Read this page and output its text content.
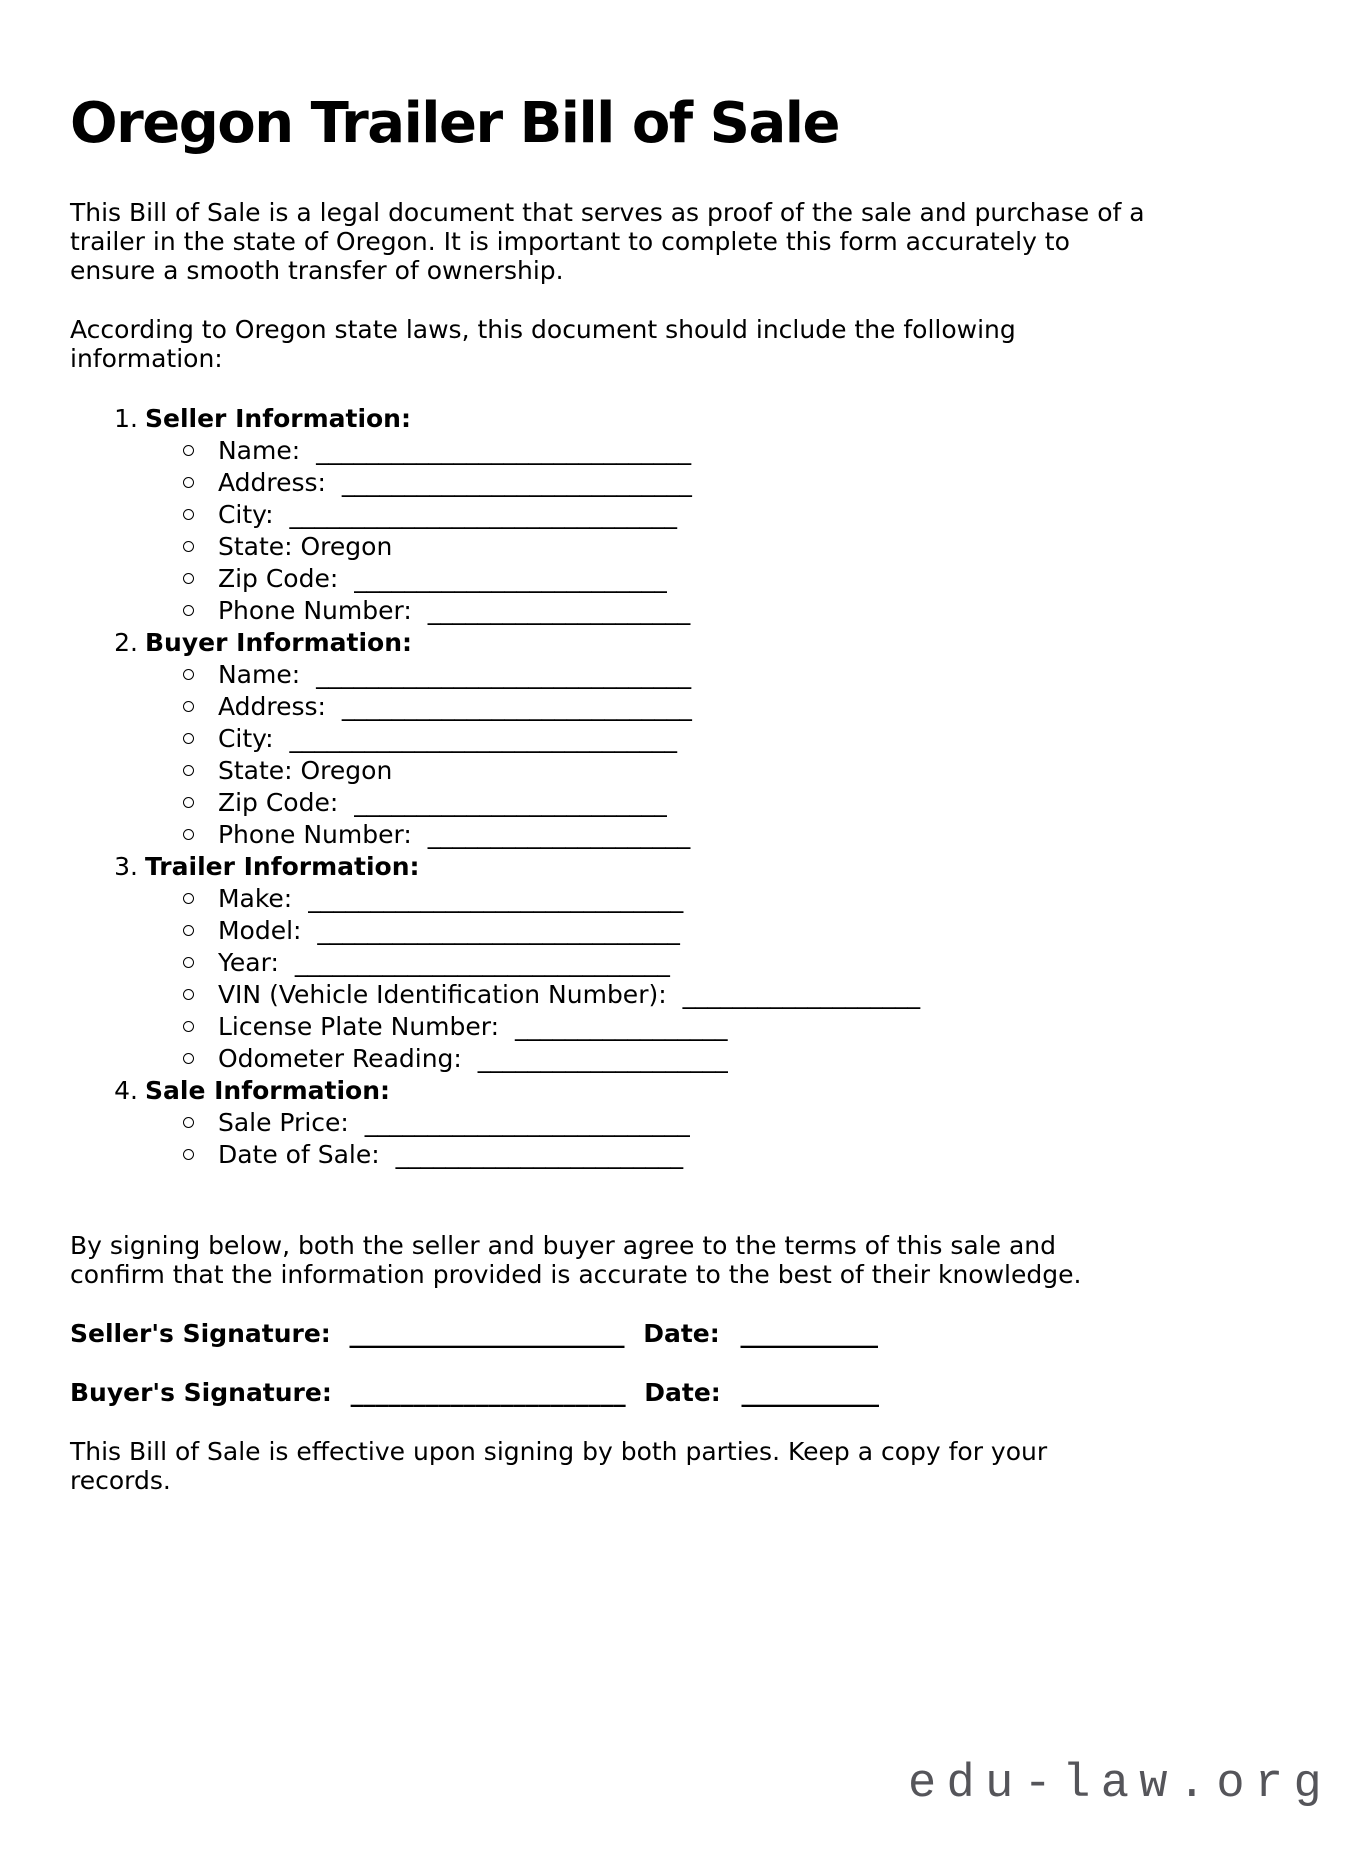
Oregon Trailer Bill of Sale

This Bill of Sale is a legal document that serves as proof of the sale and purchase of a trailer in the state of Oregon. It is important to complete this form accurately to ensure a smooth transfer of ownership.

According to Oregon state laws, this document should include the following information:

1. Seller Information:
Name: ______________________________
Address: ____________________________
City: _______________________________
State: Oregon
Zip Code: _________________________
Phone Number: _____________________
2. Buyer Information:
Name: ______________________________
Address: ____________________________
City: _______________________________
State: Oregon
Zip Code: _________________________
Phone Number: _____________________
3. Trailer Information:
Make: ______________________________
Model: _____________________________
Year: ______________________________
VIN (Vehicle Identification Number): ___________________
License Plate Number: _________________
Odometer Reading: ____________________
4. Sale Information:
Sale Price: __________________________
Date of Sale: _______________________

By signing below, both the seller and buyer agree to the terms of this sale and confirm that the information provided is accurate to the best of their knowledge.

Seller's Signature: ______________________ Date: ___________

Buyer's Signature: ______________________ Date: ___________

This Bill of Sale is effective upon signing by both parties. Keep a copy for your records.

edu-law.org
